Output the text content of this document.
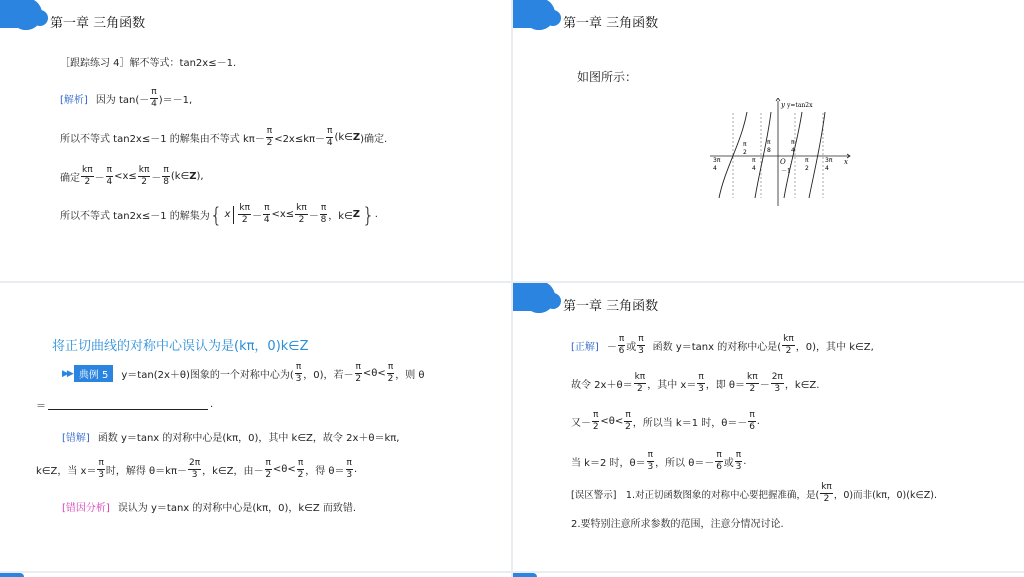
第一章 三角函数
［跟踪练习 4］解不等式：tan2x≤－1.
[解析] 因为 $\tan(- \frac{\pi}{4} )=-1$,
所以不等式 tan2x≤－1 的解集由不等式 $k\pi- \frac{\pi}{2} <2x\le k\pi- \frac{\pi}{4}$ (k∈ Z )确定.
确定 $\frac{k\pi}{2} - \frac{\pi}{4} <x\le \frac{k\pi}{2} - \frac{\pi}{8}$ (k∈ Z ),
所以不等式 tan2x≤－1 的解集为 { x $\frac{k\pi}{2} - \frac{\pi}{4} <x\le \frac{k\pi}{2} - \frac{\pi}{8}$ ，k∈ Z } .
第一章 三角函数
如图所示：
y y=tan2x
x
O
－1
3π
4
π
2
π
4
π
8
π
4
π
2
3π
4
将正切曲线的对称中心误认为是(kπ，0)k∈Z
▶▶ 典例 5	y＝tan(2x＋θ)图象的一个对称中心为( $\frac{\pi}{3}$ ，0)，若－ $\frac{\pi}{2} <\theta< \frac{\pi}{2}$ ，则 θ
＝	.
[错解] 函数 y＝tanx 的对称中心是(kπ，0)，其中 k∈Z，故令 2x＋θ＝kπ,
k∈Z，当 $x= \frac{\pi}{3}$ 时，解得 $\theta=k\pi- \frac{2\pi}{3}$ ，k∈Z，由－ $\frac{\pi}{2} <\theta< \frac{\pi}{2}$ ，得 $\theta= \frac{\pi}{3}$ .
[错因分析] 误认为 y＝tanx 的对称中心是(kπ，0)，k∈Z 而致错.
第一章 三角函数
[正解] － $\frac{\pi}{6}$ 或 $\frac{\pi}{3}$ 函数 y＝tanx 的对称中心是( $\frac{k\pi}{2}$ ，0)，其中 k∈Z,
故令 $2x+\theta= \frac{k\pi}{2}$ ，其中 $x= \frac{\pi}{3}$ ，即 $\theta= \frac{k\pi}{2} - \frac{2\pi}{3}$ ，k∈Z.
又－ $\frac{\pi}{2} <\theta< \frac{\pi}{2}$ ，所以当 k＝1 时，$\theta=- \frac{\pi}{6}$ .
当 k＝2 时，$\theta= \frac{\pi}{3}$ ，所以 $\theta=- \frac{\pi}{6}$ 或 $\frac{\pi}{3}$ .
[误区警示]　1.对正切函数图象的对称中心要把握准确，是( $\frac{k\pi}{2}$ ，0)而非(kπ，0)(k∈Z).
2.要特别注意所求参数的范围，注意分情况讨论.
